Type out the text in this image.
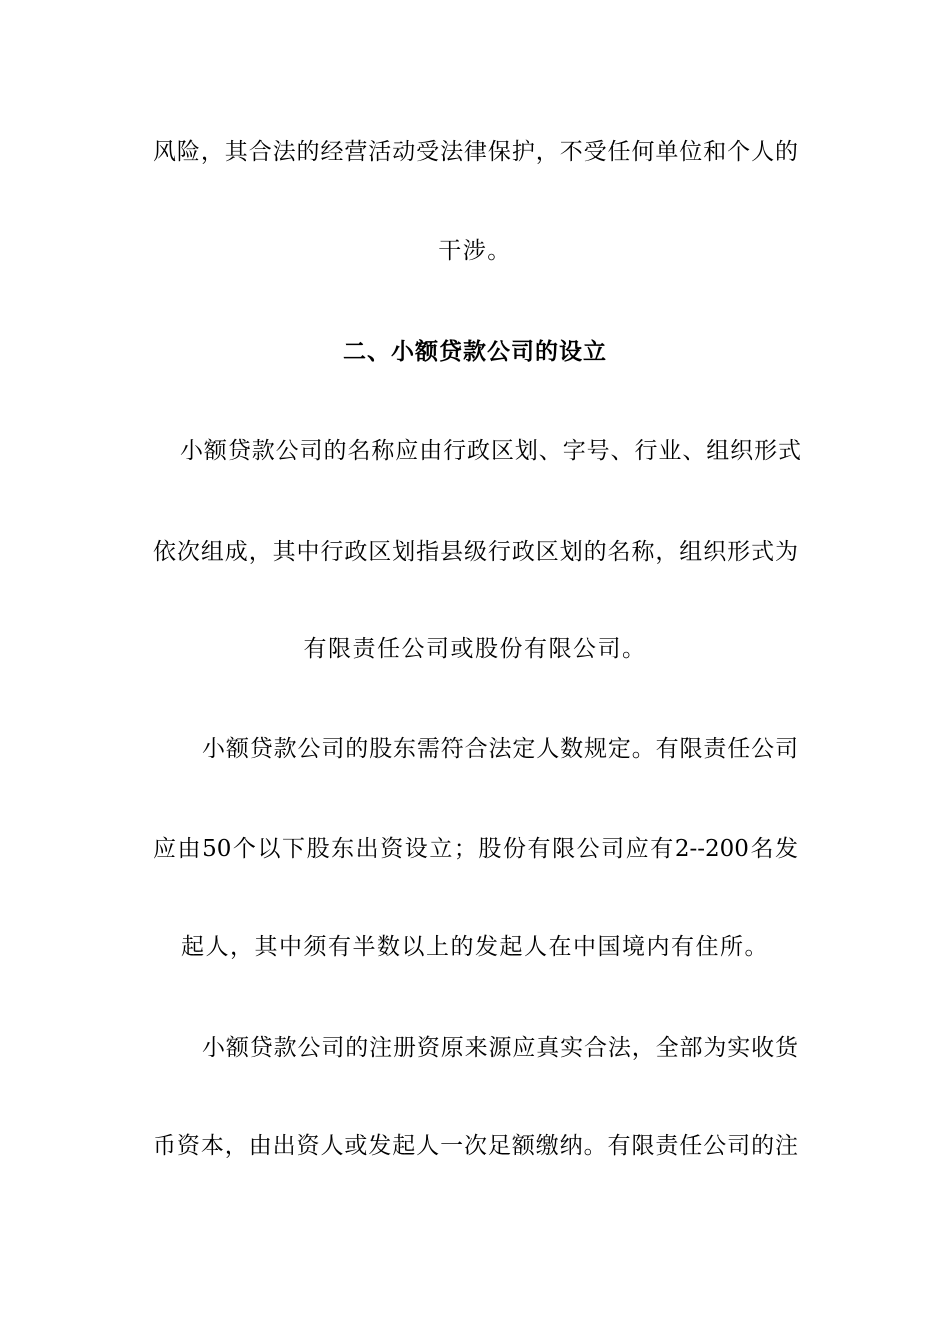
风险，其合法的经营活动受法律保护，不受任何单位和个人的
干涉。
二、小额贷款公司的设立
小额贷款公司的名称应由行政区划、字号、行业、组织形式
依次组成，其中行政区划指县级行政区划的名称，组织形式为
有限责任公司或股份有限公司。
小额贷款公司的股东需符合法定人数规定。有限责任公司
应由50个以下股东出资设立；股份有限公司应有2--200名发
起人，其中须有半数以上的发起人在中国境内有住所。
小额贷款公司的注册资原来源应真实合法，全部为实收货
币资本，由出资人或发起人一次足额缴纳。有限责任公司的注
